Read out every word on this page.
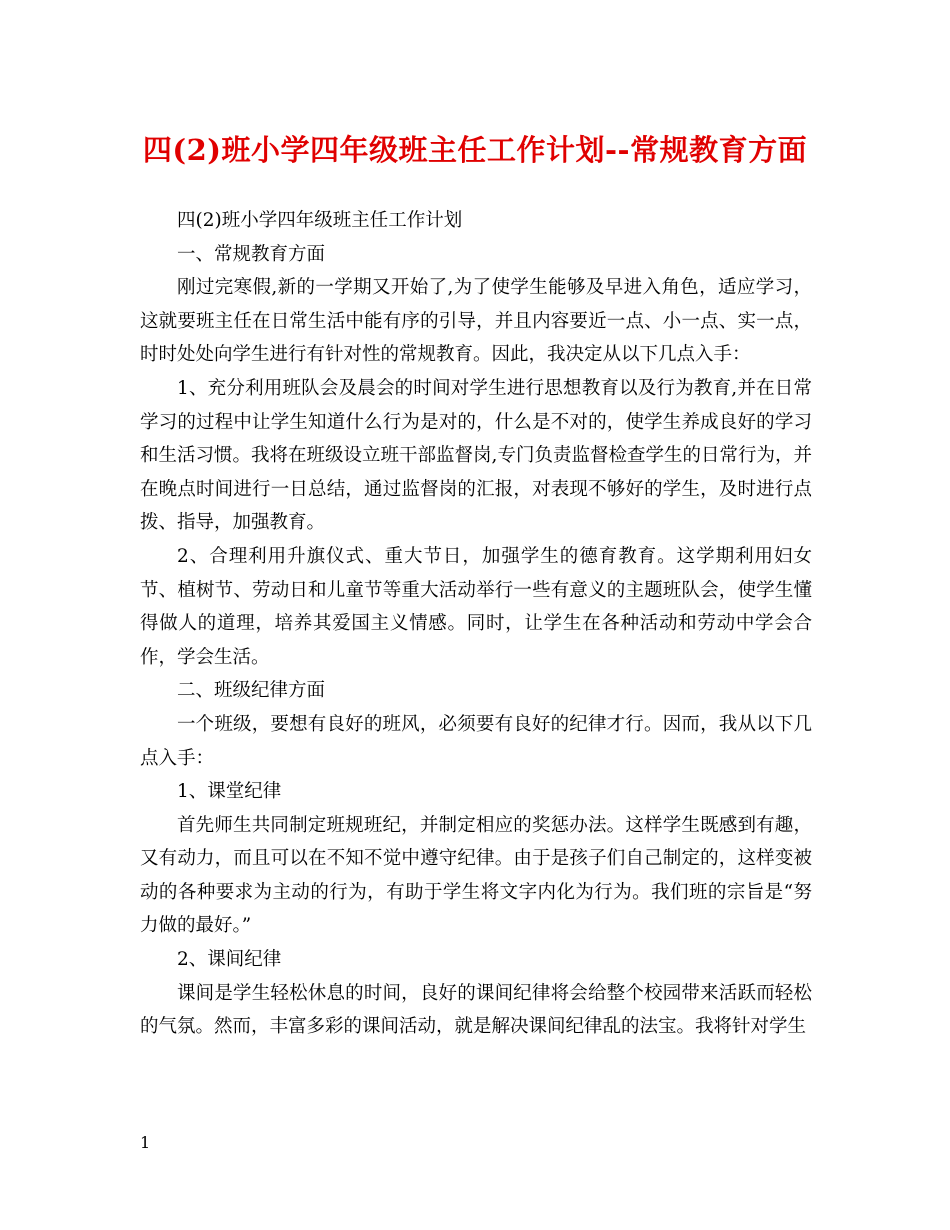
四(2)班小学四年级班主任工作计划--常规教育方面

四(2)班小学四年级班主任工作计划

一、常规教育方面

刚过完寒假,新的一学期又开始了,为了使学生能够及早进入角色，适应学习，这就要班主任在日常生活中能有序的引导，并且内容要近一点、小一点、实一点，时时处处向学生进行有针对性的常规教育。因此，我决定从以下几点入手：

1、充分利用班队会及晨会的时间对学生进行思想教育以及行为教育,并在日常学习的过程中让学生知道什么行为是对的，什么是不对的，使学生养成良好的学习和生活习惯。我将在班级设立班干部监督岗,专门负责监督检查学生的日常行为，并在晚点时间进行一日总结，通过监督岗的汇报，对表现不够好的学生，及时进行点拨、指导，加强教育。

2、合理利用升旗仪式、重大节日，加强学生的德育教育。这学期利用妇女节、植树节、劳动日和儿童节等重大活动举行一些有意义的主题班队会，使学生懂得做人的道理，培养其爱国主义情感。同时，让学生在各种活动和劳动中学会合作，学会生活。

二、班级纪律方面

一个班级，要想有良好的班风，必须要有良好的纪律才行。因而，我从以下几点入手：

1、课堂纪律

首先师生共同制定班规班纪，并制定相应的奖惩办法。这样学生既感到有趣，又有动力，而且可以在不知不觉中遵守纪律。由于是孩子们自己制定的，这样变被动的各种要求为主动的行为，有助于学生将文字内化为行为。我们班的宗旨是“努力做的最好。”

2、课间纪律

课间是学生轻松休息的时间，良好的课间纪律将会给整个校园带来活跃而轻松的气氛。然而，丰富多彩的课间活动，就是解决课间纪律乱的法宝。我将针对学生

1
